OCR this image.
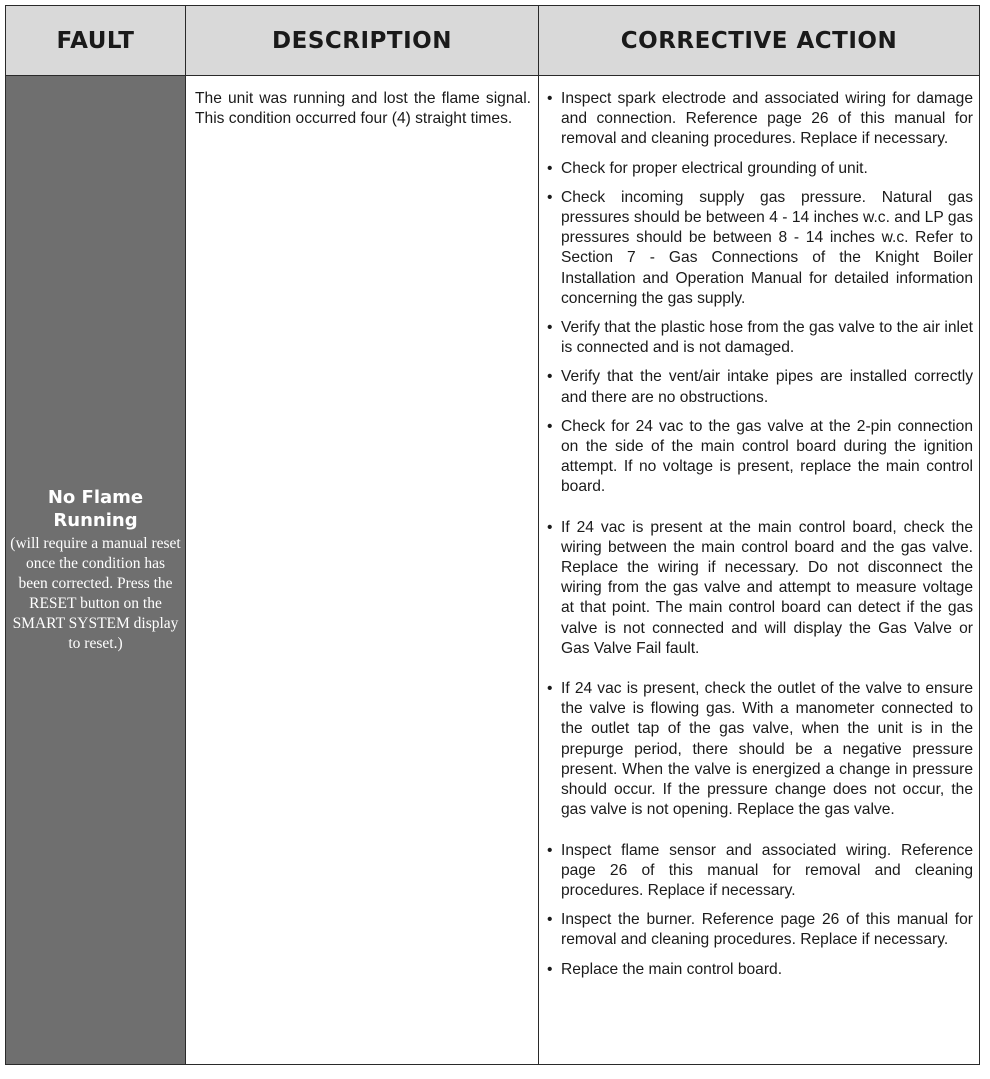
FAULT	DESCRIPTION	CORRECTIVE ACTION
No Flame Running
(will require a manual reset once the condition has been corrected. Press the RESET button on the SMART SYSTEM display to reset.)
The unit was running and lost the flame signal. This condition occurred four (4) straight times.
• Inspect spark electrode and associated wiring for damage and connection. Reference page 26 of this manual for removal and cleaning procedures. Replace if necessary.
• Check for proper electrical grounding of unit.
• Check incoming supply gas pressure. Natural gas pressures should be between 4 - 14 inches w.c. and LP gas pressures should be between 8 - 14 inches w.c. Refer to Section 7 - Gas Connections of the Knight Boiler Installation and Operation Manual for detailed information concerning the gas supply.
• Verify that the plastic hose from the gas valve to the air inlet is connected and is not damaged.
• Verify that the vent/air intake pipes are installed correctly and there are no obstructions.
• Check for 24 vac to the gas valve at the 2-pin connection on the side of the main control board during the ignition attempt. If no voltage is present, replace the main control board.
• If 24 vac is present at the main control board, check the wiring between the main control board and the gas valve. Replace the wiring if necessary. Do not disconnect the wiring from the gas valve and attempt to measure voltage at that point. The main control board can detect if the gas valve is not connected and will display the Gas Valve or Gas Valve Fail fault.
• If 24 vac is present, check the outlet of the valve to ensure the valve is flowing gas. With a manometer connected to the outlet tap of the gas valve, when the unit is in the prepurge period, there should be a negative pressure present. When the valve is energized a change in pressure should occur. If the pressure change does not occur, the gas valve is not opening. Replace the gas valve.
• Inspect flame sensor and associated wiring. Reference page 26 of this manual for removal and cleaning procedures. Replace if necessary.
• Inspect the burner. Reference page 26 of this manual for removal and cleaning procedures. Replace if necessary.
• Replace the main control board.
